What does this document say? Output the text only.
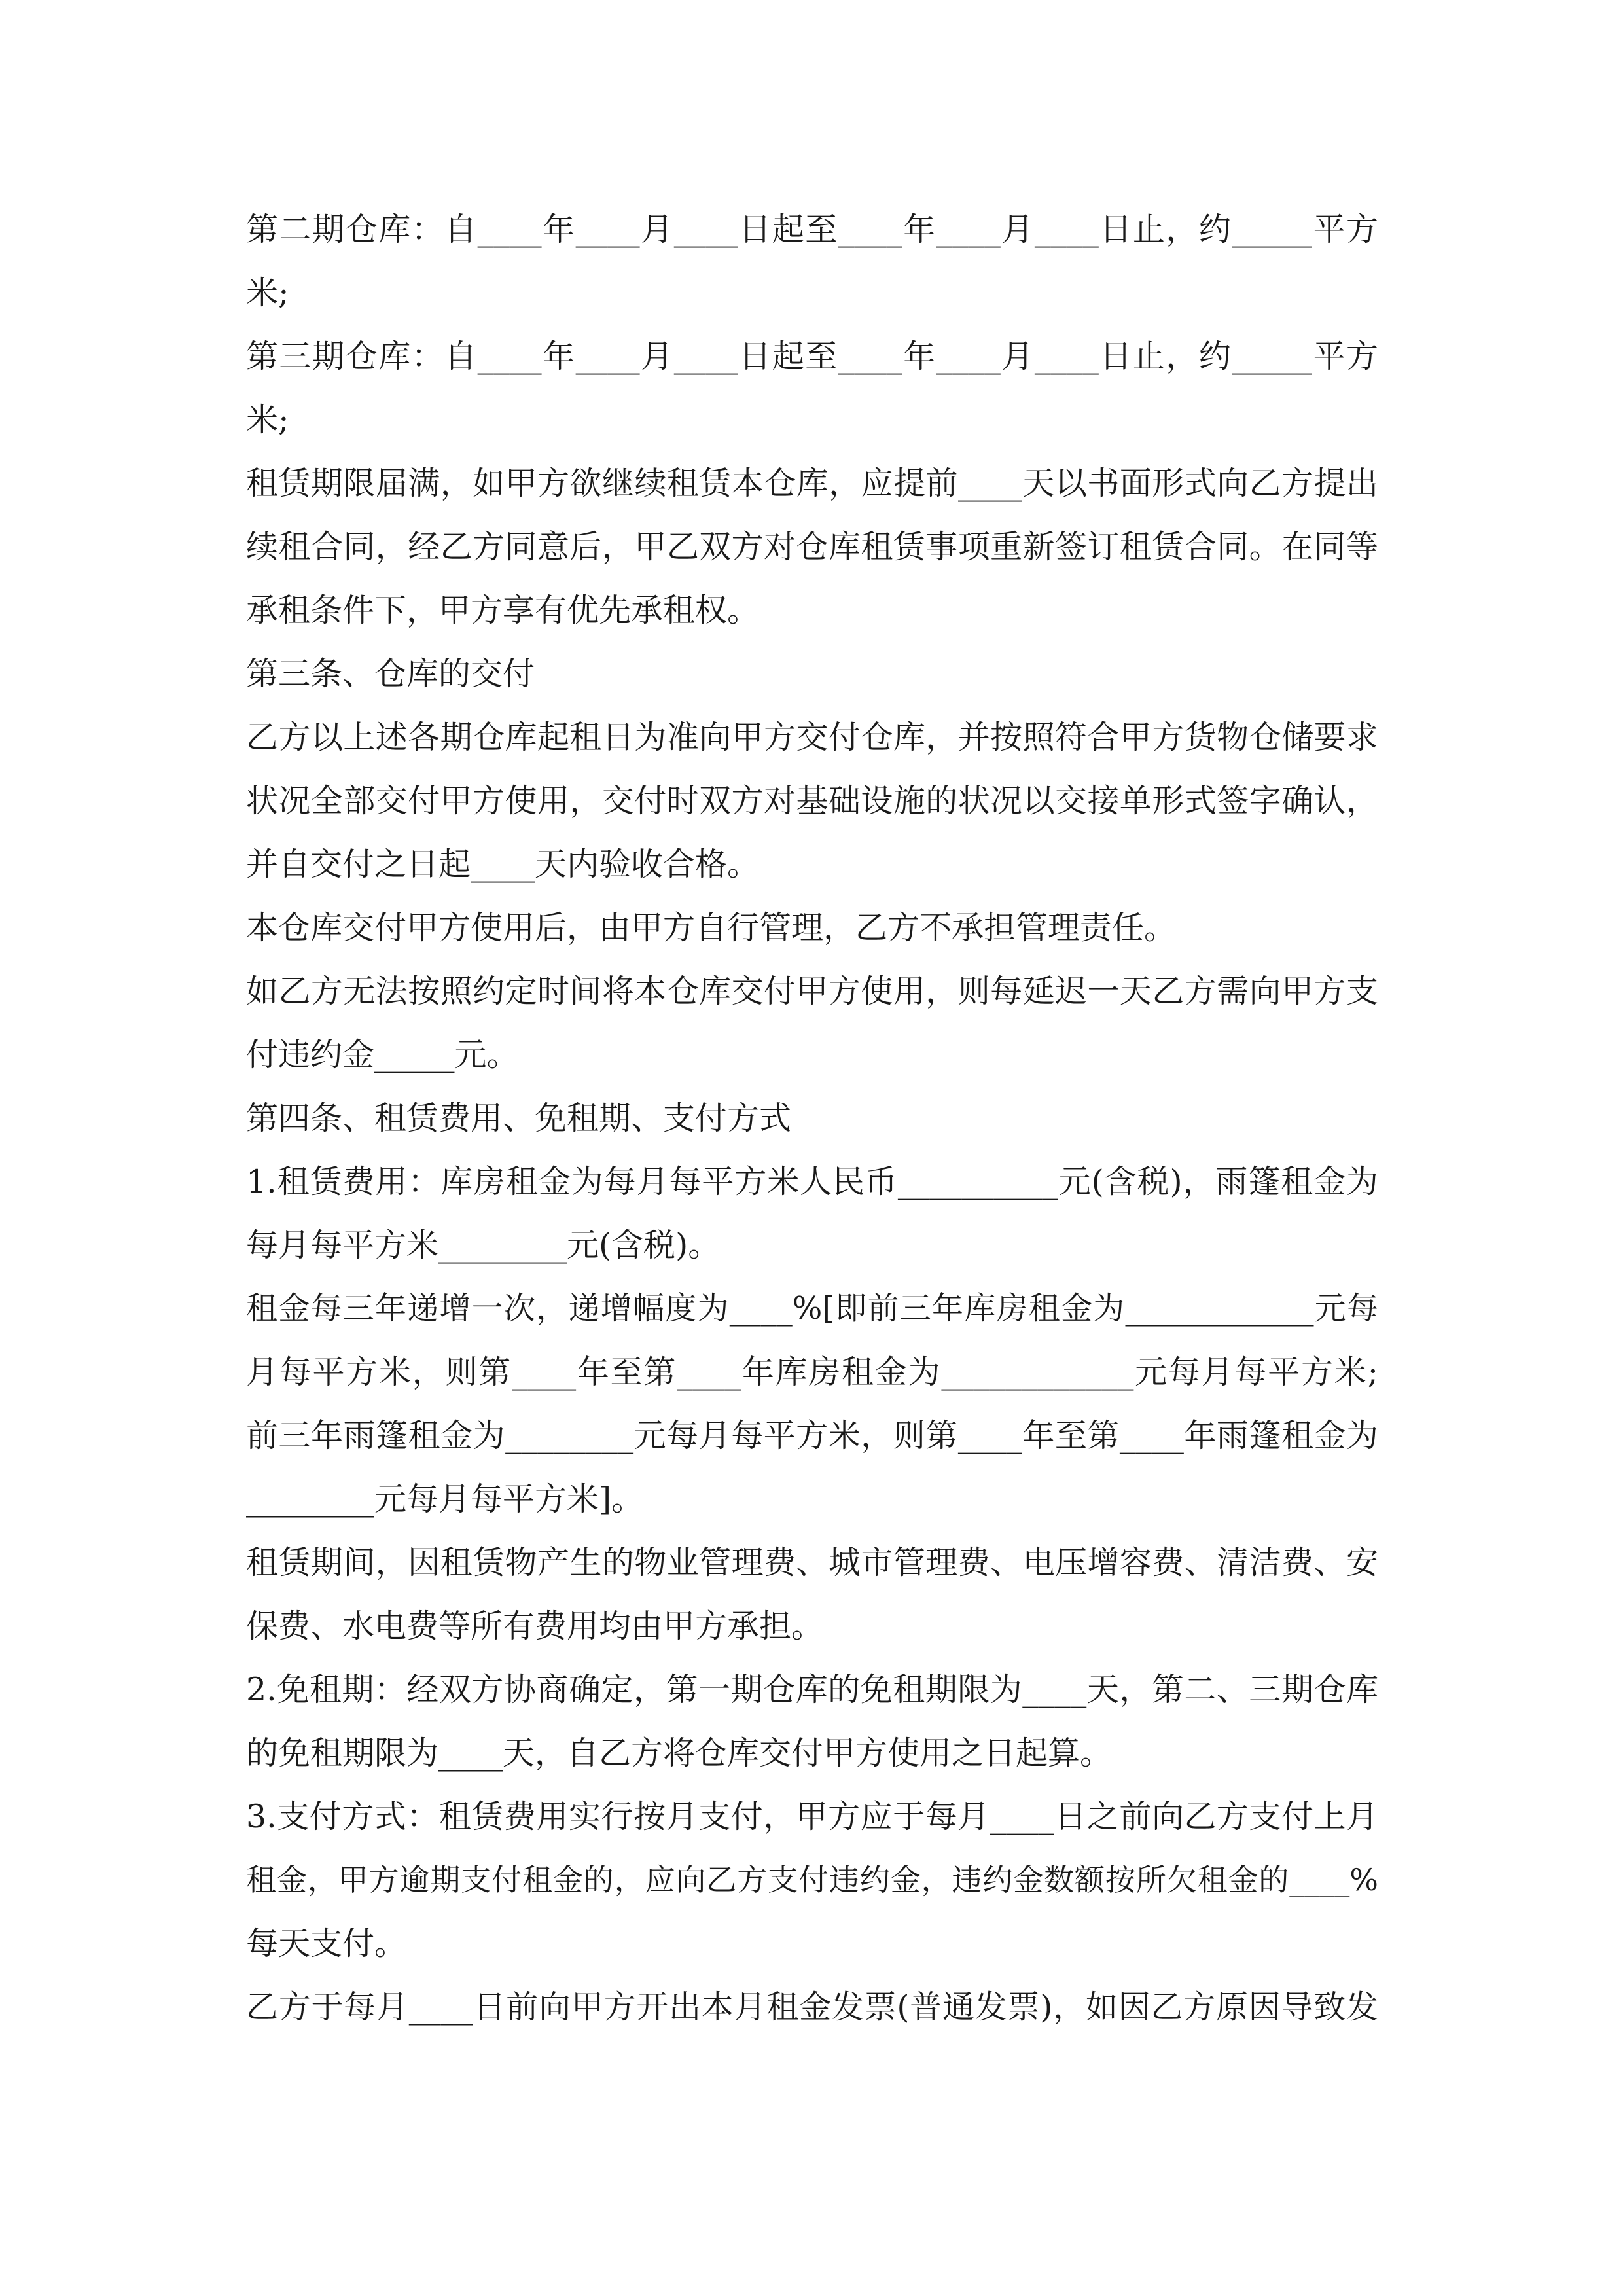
第二期仓库：自____年____月____日起至____年____月____日止，约_____平方
米;
第三期仓库：自____年____月____日起至____年____月____日止，约_____平方
米;
租赁期限届满，如甲方欲继续租赁本仓库，应提前____天以书面形式向乙方提出
续租合同，经乙方同意后，甲乙双方对仓库租赁事项重新签订租赁合同。在同等
承租条件下，甲方享有优先承租权。
第三条、仓库的交付
乙方以上述各期仓库起租日为准向甲方交付仓库，并按照符合甲方货物仓储要求
状况全部交付甲方使用，交付时双方对基础设施的状况以交接单形式签字确认，
并自交付之日起____天内验收合格。
本仓库交付甲方使用后，由甲方自行管理，乙方不承担管理责任。
如乙方无法按照约定时间将本仓库交付甲方使用，则每延迟一天乙方需向甲方支
付违约金_____元。
第四条、租赁费用、免租期、支付方式
1.租赁费用：库房租金为每月每平方米人民币__________元(含税)，雨篷租金为
每月每平方米________元(含税)。
租金每三年递增一次，递增幅度为____%[即前三年库房租金为____________元每
月每平方米，则第____年至第____年库房租金为____________元每月每平方米;
前三年雨篷租金为________元每月每平方米，则第____年至第____年雨篷租金为
________元每月每平方米]。
租赁期间，因租赁物产生的物业管理费、城市管理费、电压增容费、清洁费、安
保费、水电费等所有费用均由甲方承担。
2.免租期：经双方协商确定，第一期仓库的免租期限为____天，第二、三期仓库
的免租期限为____天，自乙方将仓库交付甲方使用之日起算。
3.支付方式：租赁费用实行按月支付，甲方应于每月____日之前向乙方支付上月
租金，甲方逾期支付租金的，应向乙方支付违约金，违约金数额按所欠租金的____%
每天支付。
乙方于每月____日前向甲方开出本月租金发票(普通发票)，如因乙方原因导致发
